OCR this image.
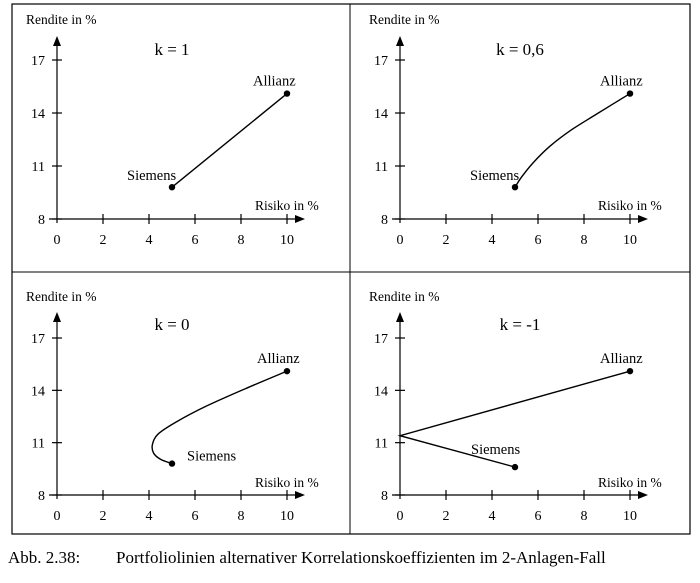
0	2	4	6	8	10
8
11
14
17
Rendite in %
Risiko in %
k = 1
Siemens
Allianz
0	2	4	6	8	10
8
11
14
17
Rendite in %
Risiko in %
k = 0,6
Siemens
Allianz
0	2	4	6	8	10
8
11
14
17
Rendite in %
Risiko in %
k = 0
Siemens
Allianz
0	2	4	6	8	10
8
11
14
17
Rendite in %
Risiko in %
k = -1
Siemens
Allianz
Abb. 2.38: Portfoliolinien alternativer Korrelationskoeffizienten im 2-Anlagen-Fall
